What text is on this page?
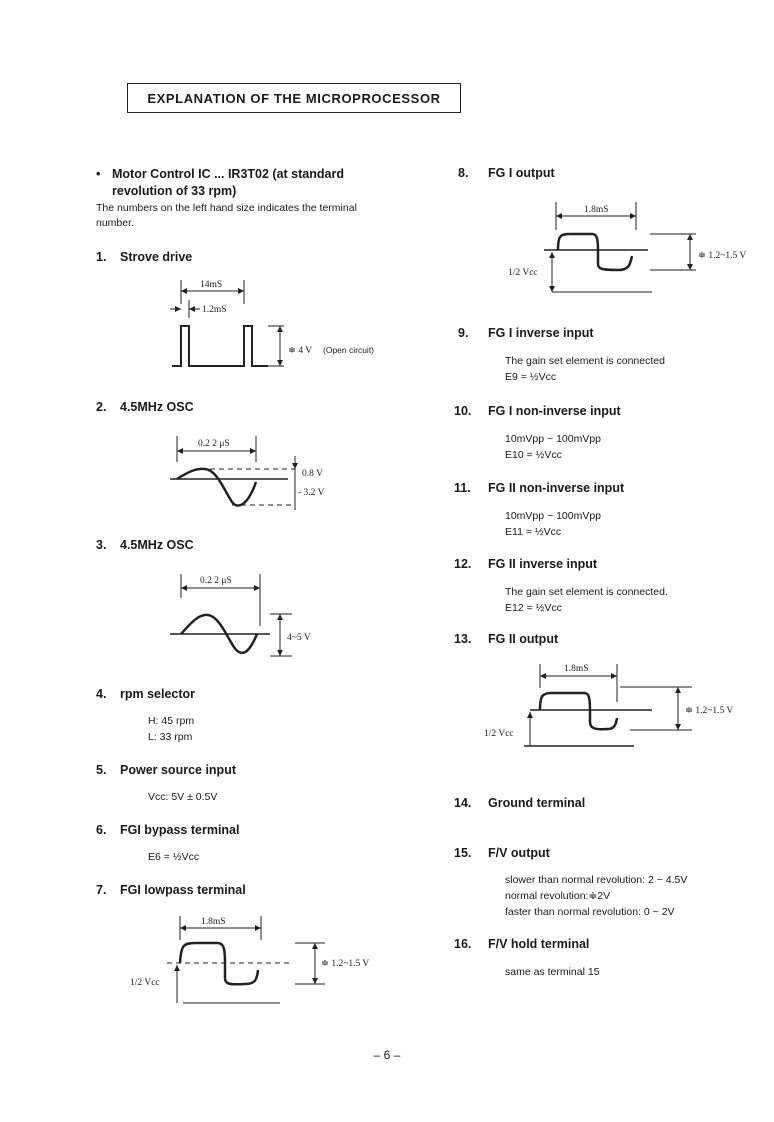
EXPLANATION OF THE MICROPROCESSOR
• Motor Control IC ... IR3T02 (at standard
revolution of 33 rpm)
The numbers on the left hand size indicates the terminal
number.
1. Strove drive
14mS
1.2mS
≑ 4 V (Open circuit)
2. 4.5MHz OSC
0.2 2 μS
0.8 V
- 3.2 V
3. 4.5MHz OSC
0.2 2 μS
4~5 V
4. rpm selector
H: 45 rpm
L: 33 rpm
5. Power source input
Vcc: 5V ± 0.5V
6. FGI bypass terminal
E6 = ½Vcc
7. FGI lowpass terminal
1.8mS
1/2 Vcc
≑ 1.2~1.5 V
8. FG I output
1.8mS
1/2 Vcc
≑ 1.2~1.5 V
9. FG I inverse input
The gain set element is connected
E9 = ½Vcc
10. FG I non-inverse input
10mVpp ~ 100mVpp
E10 = ½Vcc
11. FG II non-inverse input
10mVpp ~ 100mVpp
E11 = ½Vcc
12. FG II inverse input
The gain set element is connected.
E12 = ½Vcc
13. FG II output
1.8mS
1/2 Vcc
≑ 1.2~1.5 V
14. Ground terminal
15. F/V output
slower than normal revolution: 2 ~ 4.5V
normal revolution:≑2V
faster than normal revolution: 0 ~ 2V
16. F/V hold terminal
same as terminal 15
– 6 –
